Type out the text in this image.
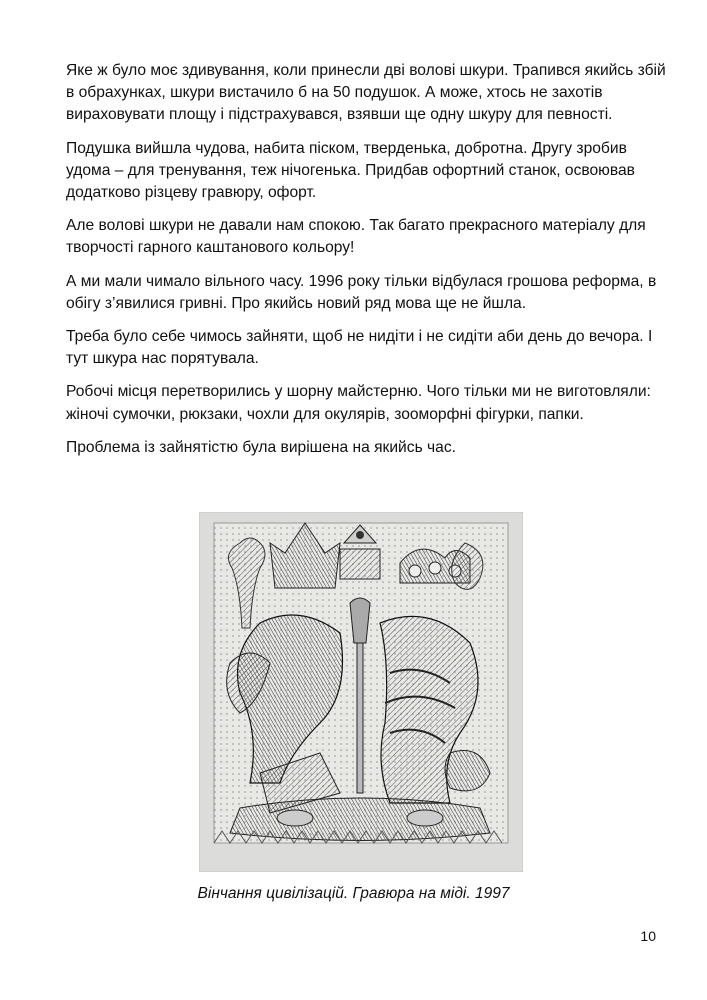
Яке ж було моє здивування, коли принесли дві волові шкури. Трапився якийсь збій в обрахунках, шкури вистачило б на 50 подушок. А може, хтось не захотів вираховувати площу і підстрахувався, взявши ще одну шкуру для певності.

Подушка вийшла чудова, набита піском, тверденька, добротна. Другу зробив удома – для тренування, теж нічогенька. Придбав офортний станок, освоював додатково різцеву гравюру, офорт.

Але волові шкури не давали нам спокою. Так багато прекрасного матеріалу для творчості гарного каштанового кольору!

А ми мали чимало вільного часу. 1996 року тільки відбулася грошова реформа, в обігу з’явилися гривні. Про якийсь новий ряд мова ще не йшла.

Треба було себе чимось зайняти, щоб не нидіти і не сидіти аби день до вечора. І тут шкура нас порятувала.

Робочі місця перетворились у шорну майстерню. Чого тільки ми не виготовляли: жіночі сумочки, рюкзаки, чохли для окулярів, зооморфні фігурки, папки.

Проблема із зайнятістю була вирішена на якийсь час.

Вінчання цивілізацій. Гравюра на міді. 1997
10
